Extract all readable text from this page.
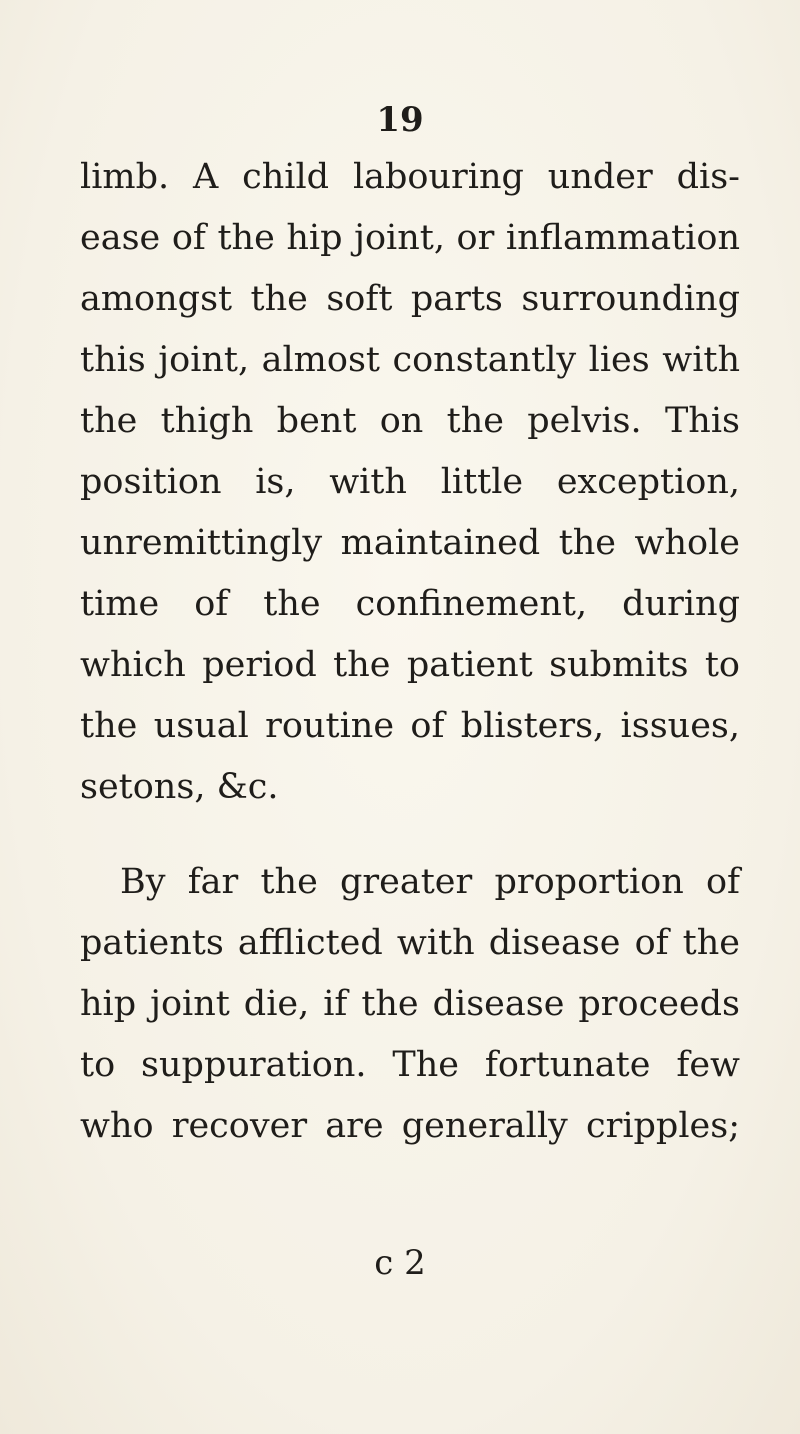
19
limb. A child labouring under dis-
ease of the hip joint, or inflammation
amongst the soft parts surrounding
this joint, almost constantly lies with
the thigh bent on the pelvis. This
position is, with little exception,
unremittingly maintained the whole
time of the confinement, during
which period the patient submits to
the usual routine of blisters, issues,
setons, &c.
By far the greater proportion of
patients afflicted with disease of the
hip joint die, if the disease proceeds
to suppuration. The fortunate few
who recover are generally cripples;
c 2
